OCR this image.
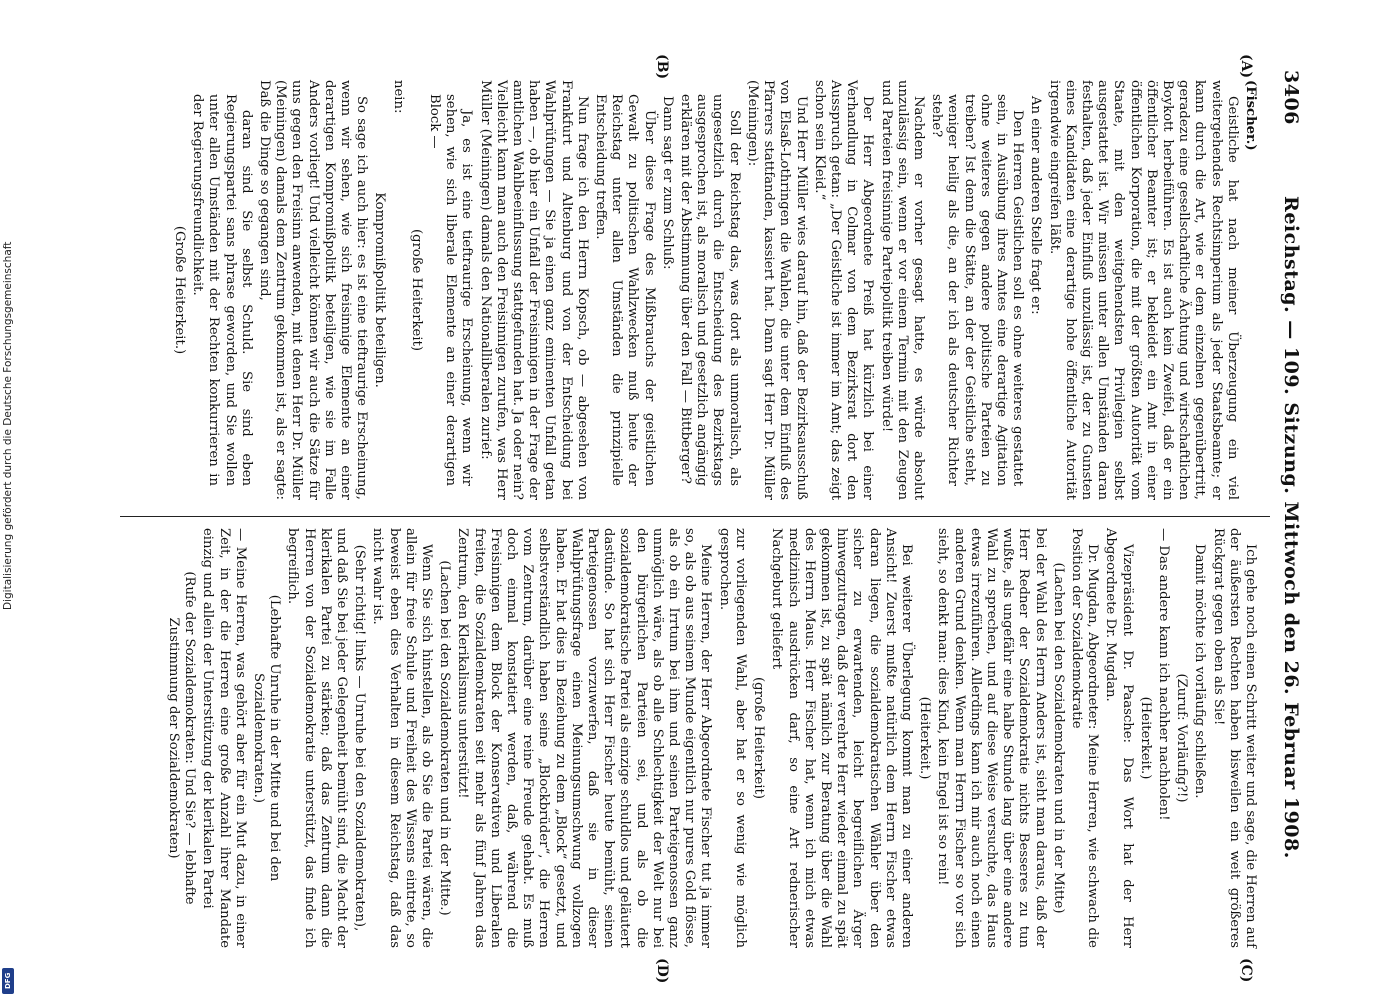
3406
Reichstag. — 109. Sitzung. Mittwoch den 26. Februar 1908.
(A)
(B)
(C)
(D)

(Fischer.)

Geistliche hat nach meiner Überzeugung ein viel weitergehendes Rechtsimperium als jeder Staatsbeamte; er kann durch die Art, wie er dem einzelnen gegenübertritt, geradezu eine gesellschaftliche Ächtung und wirtschaftlichen Boykott herbeiführen. Es ist auch kein Zweifel, daß er ein öffentlicher Beamter ist; er bekleidet ein Amt in einer öffentlichen Korporation, die mit der größten Autorität vom Staate, mit den weitgehendsten Privilegien selbst ausgestattet ist. Wir müssen unter allen Umständen daran festhalten, daß jeder Einfluß unzulässig ist, der zu Gunsten eines Kandidaten eine derartige hohe öffentliche Autorität irgendwie eingreifen läßt.

An einer anderen Stelle fragt er:

Den Herren Geistlichen soll es ohne weiteres gestattet sein, in Ausübung ihres Amtes eine derartige Agitation ohne weiteres gegen andere politische Parteien zu treiben? Ist denn die Stätte, an der der Geistliche steht, weniger heilig als die, an der ich als deutscher Richter stehe?

Nachdem er vorher gesagt hatte, es würde absolut unzulässig sein, wenn er vor einem Termin mit den Zeugen und Parteien freisinnige Parteipolitik treiben würde!

Der Herr Abgeordnete Preiß hat kürzlich bei einer Verhandlung in Colmar von dem Bezirksrat dort den Ausspruch getan: „Der Geistliche ist immer im Amt; das zeigt schon sein Kleid.“

Und Herr Müller wies darauf hin, daß der Bezirksausschuß von Elsaß-Lothringen die Wahlen, die unter dem Einfluß des Pfarrers stattfanden, kassiert hat. Dann sagt Herr Dr. Müller (Meiningen):

Soll der Reichstag das, was dort als unmoralisch, als ungesetzlich durch die Entscheidung des Bezirkstags ausgesprochen ist, als moralisch und gesetzlich angängig erklären mit der Abstimmung über den Fall — Bittberger?

Dann sagt er zum Schluß:

Über diese Frage des Mißbrauchs der geistlichen Gewalt zu politischen Wahlzwecken muß heute der Reichstag unter allen Umständen die prinzipielle Entscheidung treffen.

Nun frage ich den Herrn Kopsch, ob — abgesehen von Frankfurt und Altenburg und von der Entscheidung bei Wahlprüfungen — Sie ja einen ganz eminenten Unfall getan haben —, ob hier ein Unfall der Freisinnigen in der Frage der amtlichen Wahlbeeinflussung stattgefunden hat. Ja oder nein? Vielleicht kann man auch den Freisinnigen zurufen, was Herr Müller (Meiningen) damals den Nationalliberalen zurief:

Ja, es ist eine tieftraurige Erscheinung, wenn wir sehen, wie sich liberale Elemente an einer derartigen Block —

(große Heiterkeit)

nein:

Kompromißpolitik beteiligen.

So sage ich auch hier: es ist eine tieftraurige Erscheinung, wenn wir sehen, wie sich freisinnige Elemente an einer derartigen Kompromißpolitik beteiligen, wie sie im Falle Anders vorliegt! Und vielleicht können wir auch die Sätze für uns gegen den Freisinn anwenden, mit denen Herr Dr. Müller (Meiningen) damals dem Zentrum gekommen ist, als er sagte: Daß die Dinge so gegangen sind,

daran sind Sie selbst Schuld. Sie sind eben Regierungspartei sans phrase geworden, und Sie wollen unter allen Umständen mit der Rechten konkurrieren in der Regierungsfreundlichkeit.

(Große Heiterkeit.)

Ich gehe noch einen Schritt weiter und sage, die Herren auf der äußersten Rechten haben bisweilen ein weit größeres Rückgrat gegen oben als Sie!

Damit möchte ich vorläufig schließen.

(Zuruf: Vorläufig?!)

— Das andere kann ich nachher nachholen!

(Heiterkeit.)

Vizepräsident Dr. Paasche: Das Wort hat der Herr Abgeordnete Dr. Mugdan.

Dr. Mugdan, Abgeordneter: Meine Herren, wie schwach die Position der Sozialdemokratie

(Lachen bei den Sozialdemokraten und in der Mitte)

bei der Wahl des Herrn Anders ist, sieht man daraus, daß der Herr Redner der Sozialdemokratie nichts Besseres zu tun wußte, als ungefähr eine halbe Stunde lang über eine andere Wahl zu sprechen, und auf diese Weise versuchte, das Haus etwas irrezuführen. Allerdings kann ich mir auch noch einen anderen Grund denken. Wenn man Herrn Fischer so vor sich sieht, so denkt man: dies Kind, kein Engel ist so rein!

(Heiterkeit.)

Bei weiterer Überlegung kommt man zu einer anderen Ansicht! Zuerst mußte natürlich dem Herrn Fischer etwas daran liegen, die sozialdemokratischen Wähler über den sicher zu erwartenden, leicht begreiflichen Ärger hinwegzutragen, daß der verehrte Herr wieder einmal zu spät gekommen ist, zu spät nämlich zur Beratung über die Wahl des Herrn Maus. Herr Fischer hat, wenn ich mich etwas medizinisch ausdrücken darf, so eine Art rednerischer Nachgeburt geliefert

(große Heiterkeit)

zur vorliegenden Wahl, aber hat er so wenig wie möglich gesprochen.

Meine Herren, der Herr Abgeordnete Fischer tut ja immer so, als ob aus seinem Munde eigentlich nur pures Gold flösse, als ob ein Irrtum bei ihm und seinen Parteigenossen ganz unmöglich wäre, als ob alle Schlechtigkeit der Welt nur bei den bürgerlichen Parteien sei, und als ob die sozialdemokratische Partei als einzige schuldlos und geläutert dastünde. So hat sich Herr Fischer heute bemüht, seinen Parteigenossen vorzuwerfen, daß sie in dieser Wahlprüfungsfrage einen Meinungsumschwung vollzogen haben. Er hat dies in Beziehung zu dem „Block“ gesetzt, und selbstverständlich haben seine „Blockbrüder“, die Herren vom Zentrum, darüber eine reine Freude gehabt. Es muß doch einmal konstatiert werden, daß, während die Freisinnigen dem Block der Konservativen und Liberalen freiten, die Sozialdemokraten seit mehr als fünf Jahren das Zentrum, den Klerikalismus unterstützt!

(Lachen bei den Sozialdemokraten und in der Mitte.)

Wenn Sie sich hinstellen, als ob Sie die Partei wären, die allein für freie Schule und Freiheit des Wissens eintrete, so beweist eben dies Verhalten in diesem Reichstag, daß das nicht wahr ist.

(Sehr richtig! links — Unruhe bei den Sozialdemokraten),

und daß Sie bei jeder Gelegenheit bemüht sind, die Macht der klerikalen Partei zu stärken; daß das Zentrum dann die Herren von der Sozialdemokratie unterstützt, das finde ich begreiflich.

(Lebhafte Unruhe in der Mitte und bei den Sozialdemokraten.)

— Meine Herren, was gehört aber für ein Mut dazu, in einer Zeit, in der die Herren eine große Anzahl ihrer Mandate einzig und allein der Unterstützung der klerikalen Partei

(Rufe der Sozialdemokraten: Und Sie? — lebhafte Zustimmung der Sozialdemokraten)

Digitalisierung gefördert durch die Deutsche Forschungsgemeinschaft
DFG
